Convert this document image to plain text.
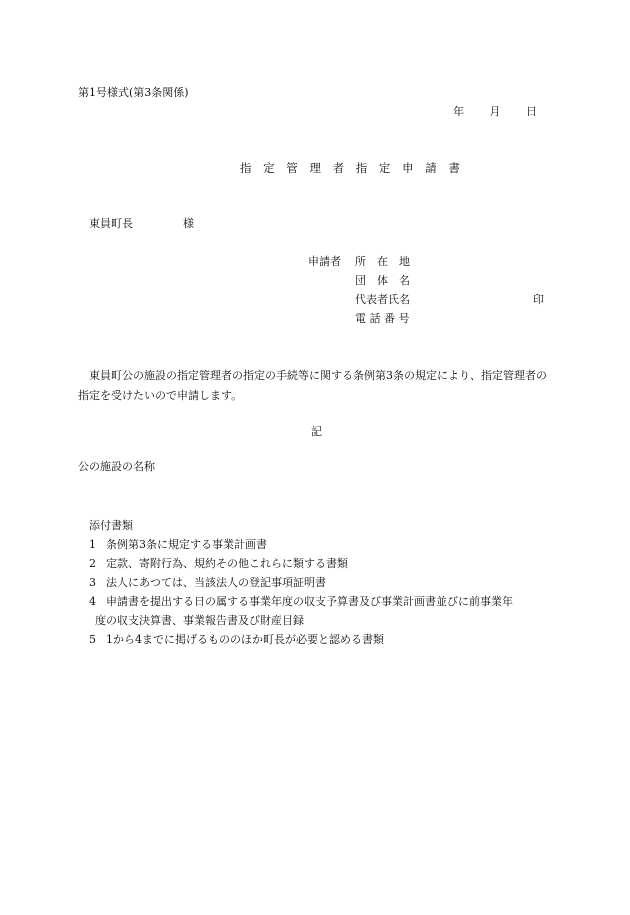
第1号様式(第3条関係)
年 月 日
指 定 管 理 者 指 定 申 請 書
東員町長	様
申請者 所　在　地
団　体　名
代表者氏名	印
電 話 番 号
東員町公の施設の指定管理者の指定の手続等に関する条例第3条の規定により、指定管理者の指定を受けたいので申請します。
記
公の施設の名称
添付書類
1 条例第3条に規定する事業計画書
2 定款、寄附行為、規約その他これらに類する書類
3 法人にあつては、当該法人の登記事項証明書
4 申請書を提出する日の属する事業年度の収支予算書及び事業計画書並びに前事業年
度の収支決算書、事業報告書及び財産目録
5 1から4までに掲げるもののほか町長が必要と認める書類
